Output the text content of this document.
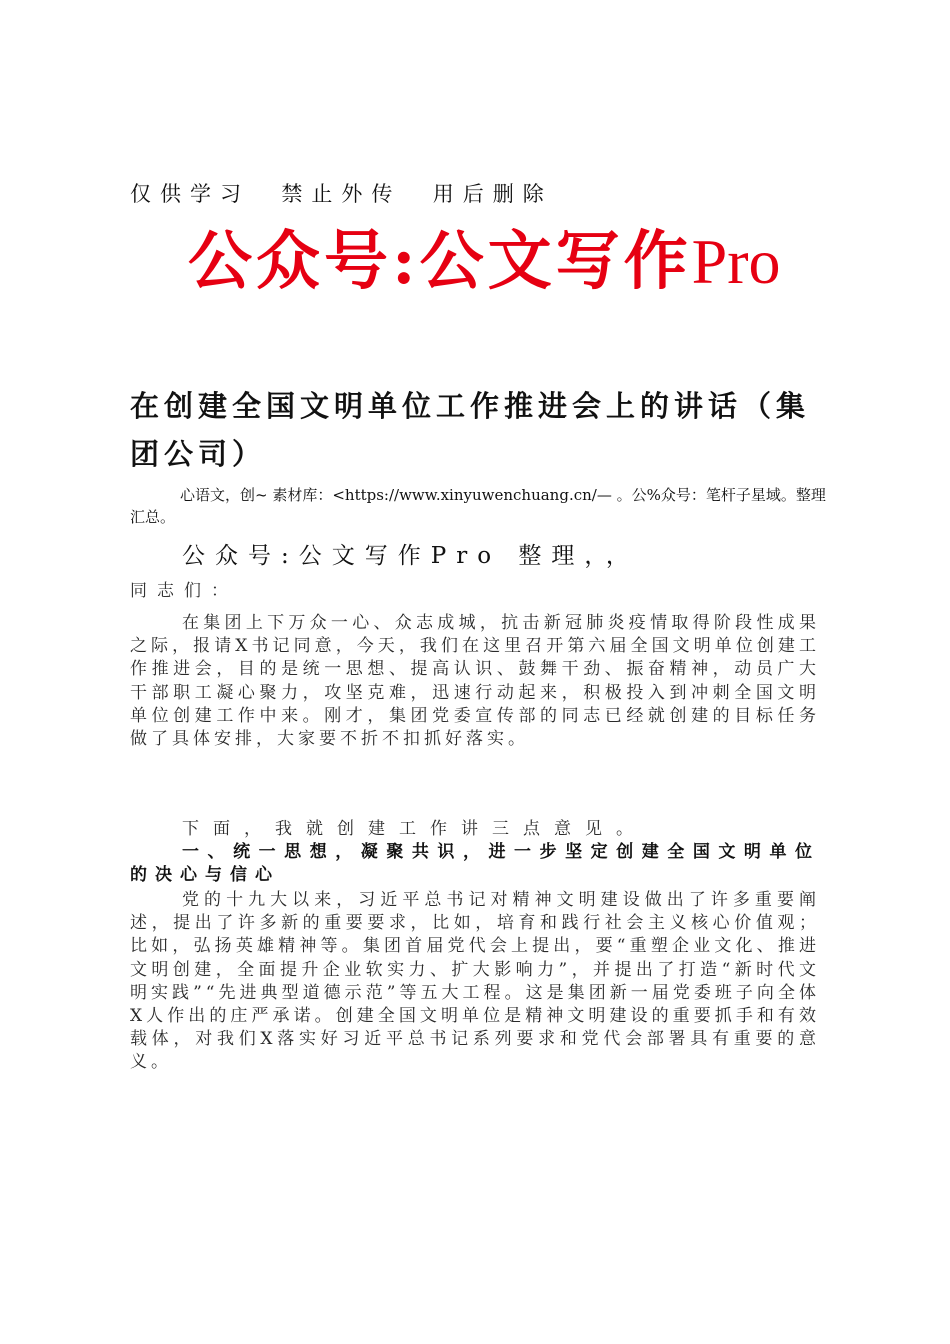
仅供学习  禁止外传  用后删除
公众号:公文写作Pro
在创建全国文明单位工作推进会上的讲话（集团公司）
心语文，创~ 素材库：<https://www.xinyuwenchuang.cn/— 。公%众号：笔杆子星域。整理汇总。
公众号:公文写作Pro 整理，，
同志们：
在集团上下万众一心、众志成城，抗击新冠肺炎疫情取得阶段性成果之际，报请X书记同意，今天，我们在这里召开第六届全国文明单位创建工作推进会，目的是统一思想、提高认识、鼓舞干劲、振奋精神，动员广大干部职工凝心聚力，攻坚克难，迅速行动起来，积极投入到冲刺全国文明单位创建工作中来。刚才，集团党委宣传部的同志已经就创建的目标任务做了具体安排，大家要不折不扣抓好落实。
下面，我就创建工作讲三点意见。
一、统一思想，凝聚共识，进一步坚定创建全国文明单位的决心与信心
党的十九大以来，习近平总书记对精神文明建设做出了许多重要阐述，提出了许多新的重要要求，比如，培育和践行社会主义核心价值观；比如，弘扬英雄精神等。集团首届党代会上提出，要“重塑企业文化、推进文明创建，全面提升企业软实力、扩大影响力”，并提出了打造“新时代文明实践”“先进典型道德示范”等五大工程。这是集团新一届党委班子向全体X人作出的庄严承诺。创建全国文明单位是精神文明建设的重要抓手和有效载体，对我们X落实好习近平总书记系列要求和党代会部署具有重要的意义。
